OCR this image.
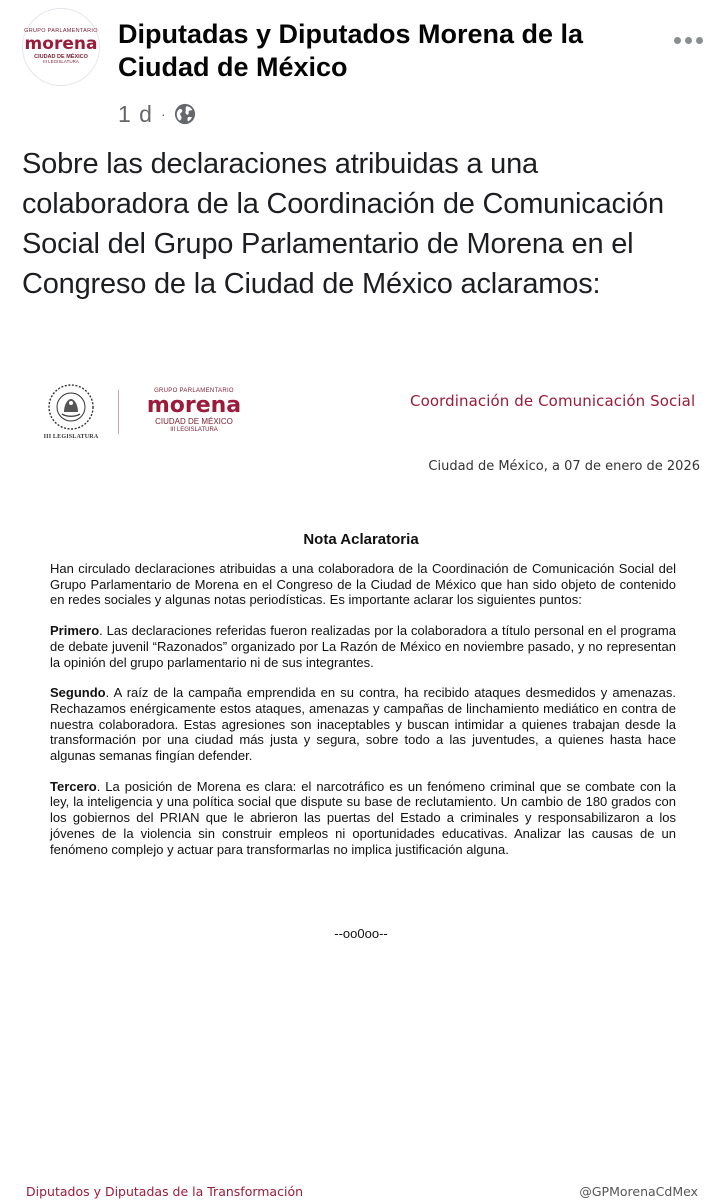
GRUPO PARLAMENTARIO
morena
CIUDAD DE MÉXICO
III LEGISLATURA
Diputadas y Diputados Morena de la Ciudad de México
1 d ·
Sobre las declaraciones atribuidas a una colaboradora de la Coordinación de Comunicación Social del Grupo Parlamentario de Morena en el Congreso de la Ciudad de México aclaramos:
III LEGISLATURA
GRUPO PARLAMENTARIO
morena
CIUDAD DE MÉXICO
III LEGISLATURA
Coordinación de Comunicación Social
Ciudad de México, a 07 de enero de 2026
Nota Aclaratoria

Han circulado declaraciones atribuidas a una colaboradora de la Coordinación de Comunicación Social del Grupo Parlamentario de Morena en el Congreso de la Ciudad de México que han sido objeto de contenido en redes sociales y algunas notas periodísticas. Es importante aclarar los siguientes puntos:

Primero. Las declaraciones referidas fueron realizadas por la colaboradora a título personal en el programa de debate juvenil “Razonados” organizado por La Razón de México en noviembre pasado, y no representan la opinión del grupo parlamentario ni de sus integrantes.

Segundo. A raíz de la campaña emprendida en su contra, ha recibido ataques desmedidos y amenazas. Rechazamos enérgicamente estos ataques, amenazas y campañas de linchamiento mediático en contra de nuestra colaboradora. Estas agresiones son inaceptables y buscan intimidar a quienes trabajan desde la transformación por una ciudad más justa y segura, sobre todo a las juventudes, a quienes hasta hace algunas semanas fingían defender.

Tercero. La posición de Morena es clara: el narcotráfico es un fenómeno criminal que se combate con la ley, la inteligencia y una política social que dispute su base de reclutamiento. Un cambio de 180 grados con los gobiernos del PRIAN que le abrieron las puertas del Estado a criminales y responsabilizaron a los jóvenes de la violencia sin construir empleos ni oportunidades educativas. Analizar las causas de un fenómeno complejo y actuar para transformarlas no implica justificación alguna.

--oo0oo--
Diputados y Diputadas de la Transformación	@GPMorenaCdMex
